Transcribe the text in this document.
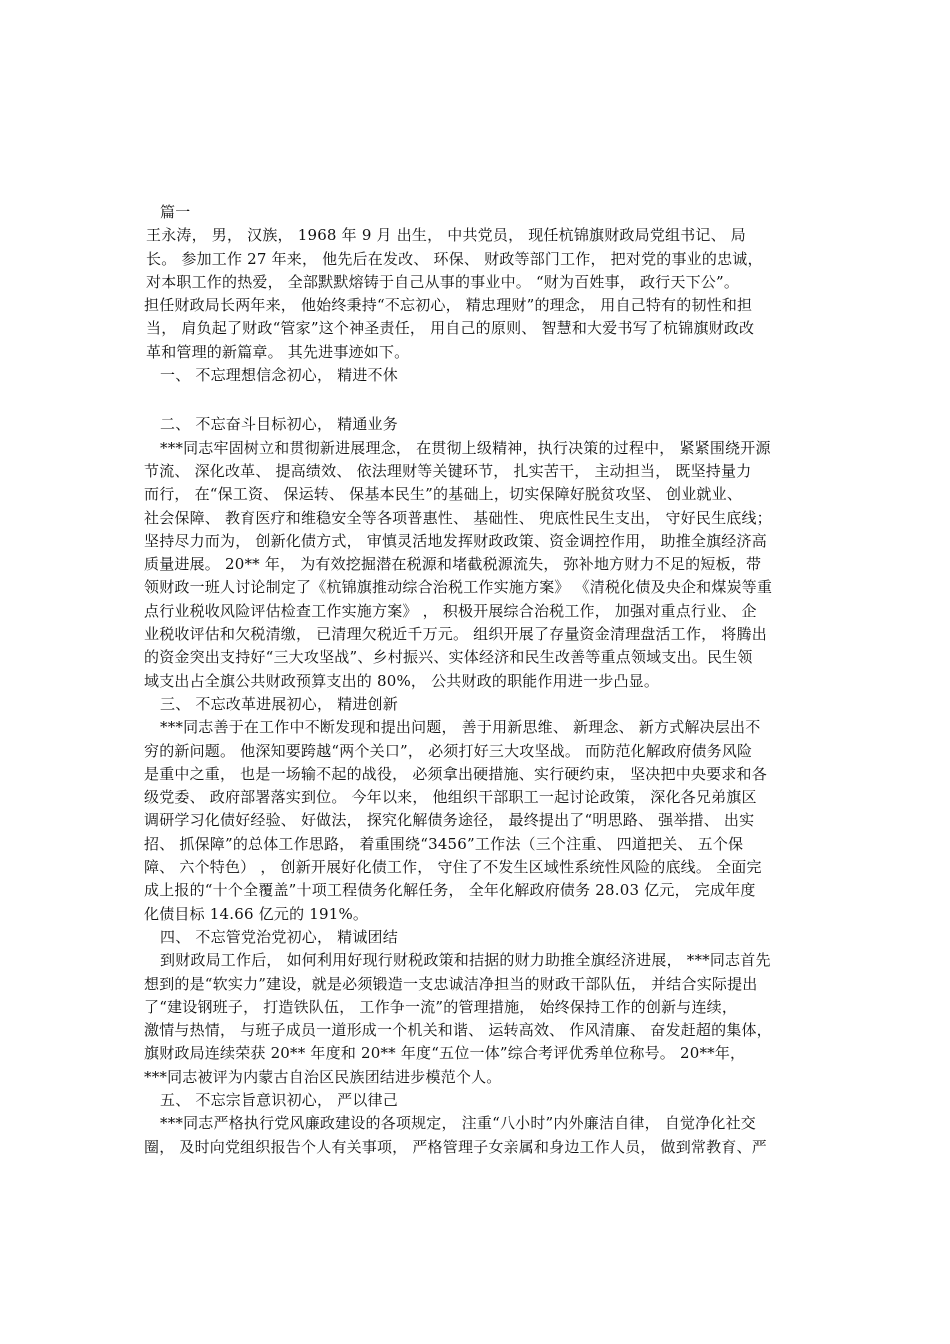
篇一
王永涛， 男， 汉族， 1968 年 9 月 出生， 中共党员， 现任杭锦旗财政局党组书记、 局
长。 参加工作 27 年来， 他先后在发改、 环保、 财政等部门工作， 把对党的事业的忠诚，
对本职工作的热爱， 全部默默熔铸于自己从事的事业中。 “财为百姓事， 政行天下公”。
担任财政局长两年来， 他始终秉持“不忘初心， 精忠理财”的理念， 用自己特有的韧性和担
当， 肩负起了财政“管家”这个神圣责任， 用自己的原则、 智慧和大爱书写了杭锦旗财政改
革和管理的新篇章。 其先进事迹如下。
一、 不忘理想信念初心， 精进不休
二、 不忘奋斗目标初心， 精通业务
***同志牢固树立和贯彻新进展理念， 在贯彻上级精神，执行决策的过程中， 紧紧围绕开源
节流、 深化改革、 提高绩效、 依法理财等关键环节， 扎实苦干， 主动担当， 既坚持量力
而行， 在“保工资、 保运转、 保基本民生”的基础上，切实保障好脱贫攻坚、 创业就业、
社会保障、 教育医疗和维稳安全等各项普惠性、 基础性、 兜底性民生支出， 守好民生底线；
坚持尽力而为， 创新化债方式， 审慎灵活地发挥财政政策、资金调控作用， 助推全旗经济高
质量进展。 20** 年， 为有效挖掘潜在税源和堵截税源流失， 弥补地方财力不足的短板，带
领财政一班人讨论制定了《杭锦旗推动综合治税工作实施方案》 《清税化债及央企和煤炭等重
点行业税收风险评估检查工作实施方案》 ， 积极开展综合治税工作， 加强对重点行业、 企
业税收评估和欠税清缴， 已清理欠税近千万元。 组织开展了存量资金清理盘活工作， 将腾出
的资金突出支持好“三大攻坚战”、乡村振兴、实体经济和民生改善等重点领域支出。民生领
域支出占全旗公共财政预算支出的 80%， 公共财政的职能作用进一步凸显。
三、 不忘改革进展初心， 精进创新
***同志善于在工作中不断发现和提出问题， 善于用新思维、 新理念、 新方式解决层出不
穷的新问题。 他深知要跨越“两个关口”， 必须打好三大攻坚战。 而防范化解政府债务风险
是重中之重， 也是一场输不起的战役， 必须拿出硬措施、实行硬约束， 坚决把中央要求和各
级党委、 政府部署落实到位。 今年以来， 他组织干部职工一起讨论政策， 深化各兄弟旗区
调研学习化债好经验、 好做法， 探究化解债务途径， 最终提出了“明思路、 强举措、 出实
招、 抓保障”的总体工作思路， 着重围绕“3456”工作法（三个注重、 四道把关、 五个保
障、 六个特色） ， 创新开展好化债工作， 守住了不发生区域性系统性风险的底线。 全面完
成上报的“十个全覆盖”十项工程债务化解任务， 全年化解政府债务 28.03 亿元， 完成年度
化债目标 14.66 亿元的 191%。
四、 不忘管党治党初心， 精诚团结
到财政局工作后， 如何利用好现行财税政策和拮据的财力助推全旗经济进展， ***同志首先
想到的是“软实力”建设，就是必须锻造一支忠诚洁净担当的财政干部队伍， 并结合实际提出
了“建设钢班子， 打造铁队伍， 工作争一流”的管理措施， 始终保持工作的创新与连续，
激情与热情， 与班子成员一道形成一个机关和谐、 运转高效、 作风清廉、 奋发赶超的集体，
旗财政局连续荣获 20** 年度和 20** 年度“五位一体”综合考评优秀单位称号。 20**年，
***同志被评为内蒙古自治区民族团结进步模范个人。
五、 不忘宗旨意识初心， 严以律己
***同志严格执行党风廉政建设的各项规定， 注重“八小时”内外廉洁自律， 自觉净化社交
圈， 及时向党组织报告个人有关事项， 严格管理子女亲属和身边工作人员， 做到常教育、严
